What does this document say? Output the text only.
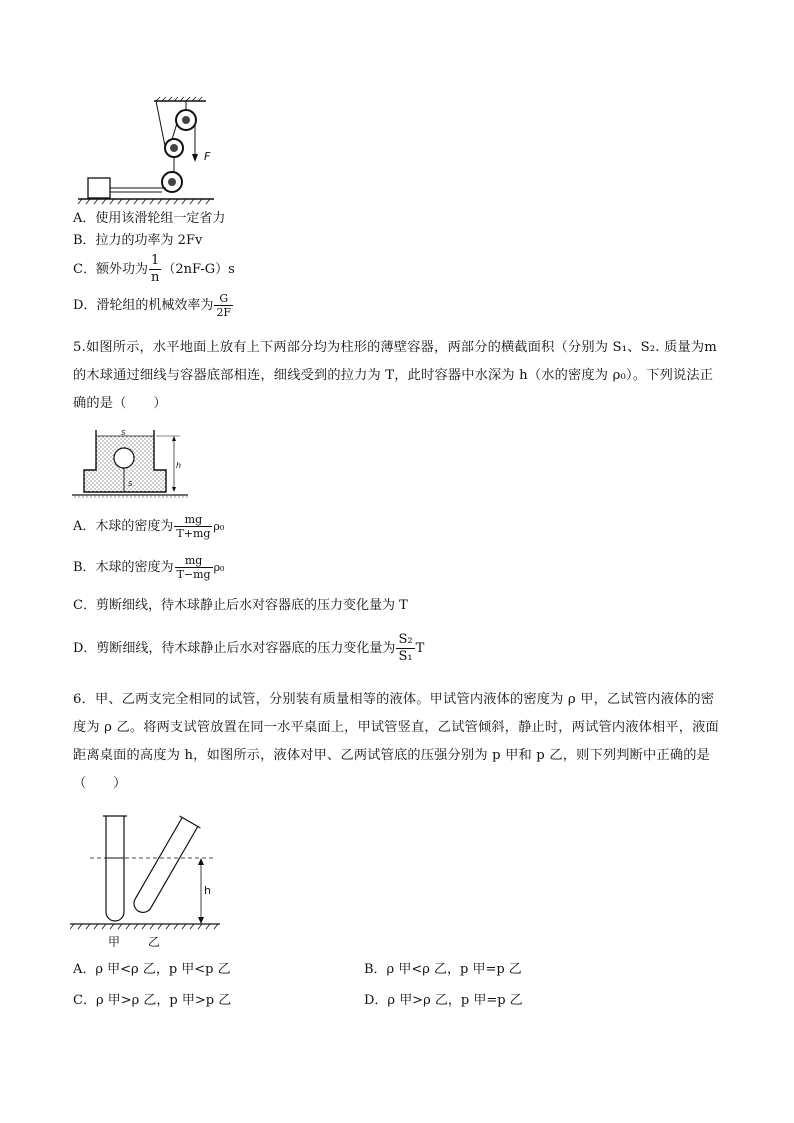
F
A．使用该滑轮组一定省力
B．拉力的功率为 2Fv
C．额外功为 $\frac{1}{n} (2nF-G)s$
D．滑轮组的机械效率为 $\frac{G}{2F}$
5.如图所示，水平地面上放有上下两部分均为柱形的薄壁容器，两部分的横截面积（分别为 S₁、S₂. 质量为m 的木球通过细线与容器底部相连，细线受到的拉力为 T，此时容器中水深为 h（水的密度为 ρ₀）。下列说法正确的是（　　）
S
S
h
A．木球的密度为 $\frac{mg}{T+mg} \rho_0$
B．木球的密度为 $\frac{mg}{T-mg} \rho_0$
C．剪断细线，待木球静止后水对容器底的压力变化量为 T
D．剪断细线，待木球静止后水对容器底的压力变化量为 $\frac{\text{S₂}}{\text{S₁}}$ T
6．甲、乙两支完全相同的试管，分别装有质量相等的液体。甲试管内液体的密度为 ρ 甲，乙试管内液体的密度为 ρ 乙。将两支试管放置在同一水平桌面上，甲试管竖直，乙试管倾斜，静止时，两试管内液体相平，液面距离桌面的高度为 h，如图所示，液体对甲、乙两试管底的压强分别为 p 甲和 p 乙，则下列判断中正确的是（　　）
h
甲 乙
A．ρ 甲<ρ 乙，p 甲<p 乙	B．ρ 甲<ρ 乙，p 甲=p 乙
C．ρ 甲>ρ 乙，p 甲>p 乙	D．ρ 甲>ρ 乙，p 甲=p 乙
